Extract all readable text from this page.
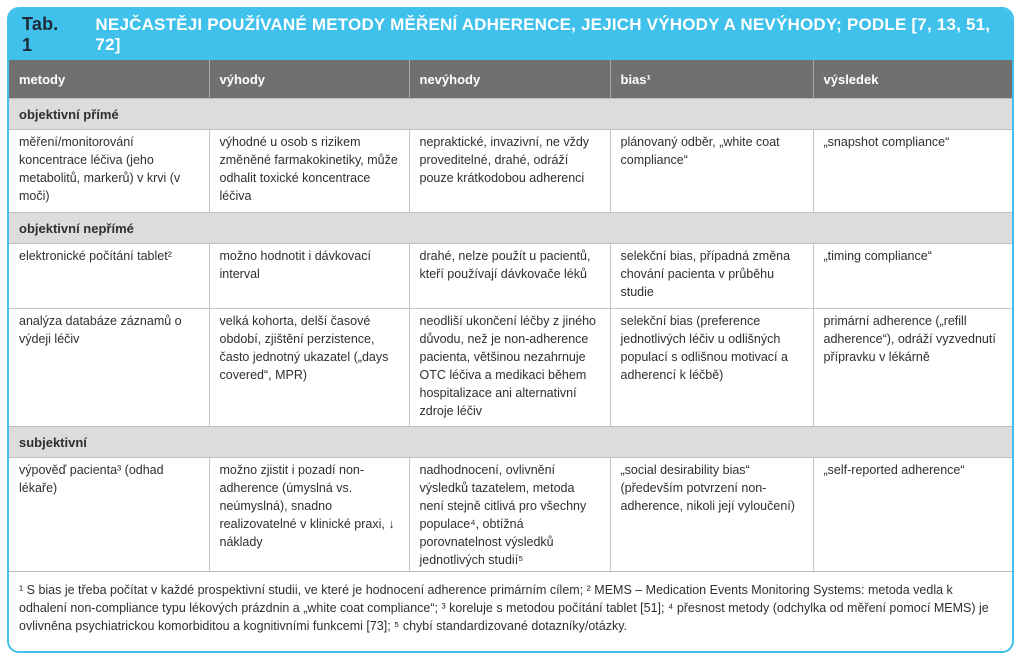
Tab. 1
NEJČASTĚJI POUŽÍVANÉ METODY MĚŘENÍ ADHERENCE, JEJICH VÝHODY A NEVÝHODY; PODLE [7, 13, 51, 72]
metody	výhody	nevýhody	bias¹	výsledek
objektivní přímé				
měření/monitorování koncentrace léčiva (jeho metabolitů, markerů) v krvi (v moči)	výhodné u osob s rizikem změněné farmakokinetiky, může odhalit toxické koncentrace léčiva	nepraktické, invazivní, ne vždy proveditelné, drahé, odráží pouze krátkodobou adherenci	plánovaný odběr, „white coat compliance“	„snapshot compliance“
objektivní nepřímé				
elektronické počítání tablet²	možno hodnotit i dávkovací interval	drahé, nelze použít u pacientů, kteří používají dávkovače léků	selekční bias, případná změna chování pacienta v průběhu studie	„timing compliance“
analýza databáze záznamů o výdeji léčiv	velká kohorta, delší časové období, zjištění perzistence, často jednotný ukazatel („days covered“, MPR)	neodliší ukončení léčby z jiného důvodu, než je non-adherence pacienta, většinou nezahrnuje OTC léčiva a medikaci během hospitalizace ani alternativní zdroje léčiv	selekční bias (preference jednotlivých léčiv u odlišných populací s odlišnou motivací a adherencí k léčbě)	primární adherence („refill adherence“), odráží vyzvednutí přípravku v lékárně
subjektivní				
výpověď pacienta³ (odhad lékaře)	možno zjistit i pozadí non-adherence (úmyslná vs. neúmyslná), snadno realizovatelné v klinické praxi, ↓ náklady	nadhodnocení, ovlivnění výsledků tazatelem, metoda není stejně citlivá pro všechny populace⁴, obtížná porovnatelnost výsledků jednotlivých studií⁵	„social desirability bias“ (především potvrzení non-adherence, nikoli její vyloučení)	„self-reported adherence“
¹ S bias je třeba počítat v každé prospektivní studii, ve které je hodnocení adherence primárním cílem; ² MEMS – Medication Events Monitoring Systems: metoda vedla k odhalení non-compliance typu lékových prázdnin a „white coat compliance“; ³ koreluje s metodou počítání tablet [51]; ⁴ přesnost metody (odchylka od měření pomocí MEMS) je ovlivněna psychiatrickou komorbiditou a kognitivními funkcemi [73]; ⁵ chybí standardizované dotazníky/otázky.
